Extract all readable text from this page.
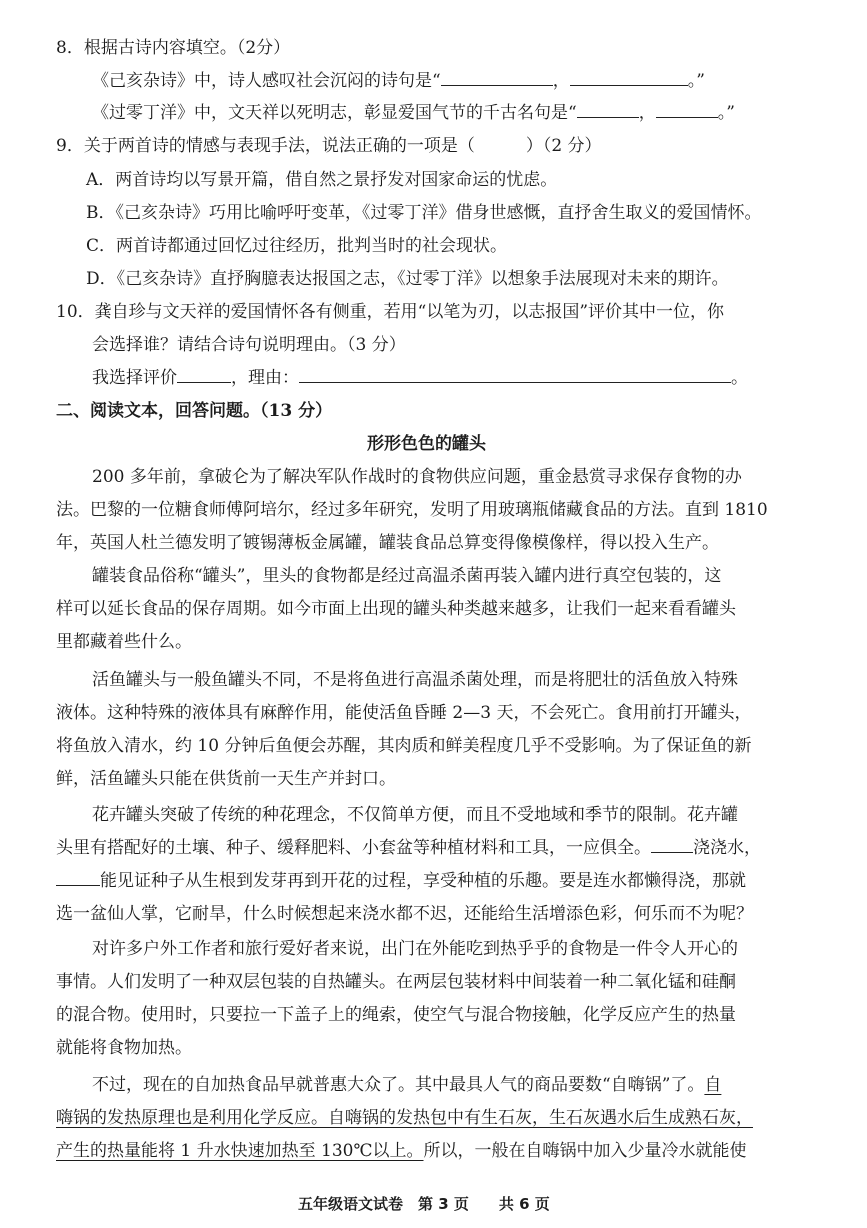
8．根据古诗内容填空。（2分）
《己亥杂诗》中，诗人感叹社会沉闷的诗句是“	，	。”
《过零丁洋》中，文天祥以死明志，彰显爱国气节的千古名句是“	，	。”
9．关于两首诗的情感与表现手法，说法正确的一项是（　　　）（2 分）
A．两首诗均以写景开篇，借自然之景抒发对国家命运的忧虑。
B．《己亥杂诗》巧用比喻呼吁变革，《过零丁洋》借身世感慨，直抒舍生取义的爱国情怀。
C．两首诗都通过回忆过往经历，批判当时的社会现状。
D．《己亥杂诗》直抒胸臆表达报国之志，《过零丁洋》以想象手法展现对未来的期许。
10．龚自珍与文天祥的爱国情怀各有侧重，若用“以笔为刃，以志报国”评价其中一位，你
会选择谁？请结合诗句说明理由。（3 分）
我选择评价	，理由：	。
二、阅读文本，回答问题。（13 分）
形形色色的罐头
200 多年前，拿破仑为了解决军队作战时的食物供应问题，重金悬赏寻求保存食物的办
法。巴黎的一位糖食师傅阿培尔，经过多年研究，发明了用玻璃瓶储藏食品的方法。直到 1810
年，英国人杜兰德发明了镀锡薄板金属罐，罐装食品总算变得像模像样，得以投入生产。
罐装食品俗称“罐头”，里头的食物都是经过高温杀菌再装入罐内进行真空包装的，这
样可以延长食品的保存周期。如今市面上出现的罐头种类越来越多，让我们一起来看看罐头
里都藏着些什么。
活鱼罐头与一般鱼罐头不同，不是将鱼进行高温杀菌处理，而是将肥壮的活鱼放入特殊
液体。这种特殊的液体具有麻醉作用，能使活鱼昏睡 2—3 天，不会死亡。食用前打开罐头，
将鱼放入清水，约 10 分钟后鱼便会苏醒，其肉质和鲜美程度几乎不受影响。为了保证鱼的新
鲜，活鱼罐头只能在供货前一天生产并封口。
花卉罐头突破了传统的种花理念，不仅简单方便，而且不受地域和季节的限制。花卉罐
头里有搭配好的土壤、种子、缓释肥料、小套盆等种植材料和工具，一应俱全。 浇浇水，
能见证种子从生根到发芽再到开花的过程，享受种植的乐趣。要是连水都懒得浇，那就
选一盆仙人掌，它耐旱，什么时候想起来浇水都不迟，还能给生活增添色彩，何乐而不为呢？
对许多户外工作者和旅行爱好者来说，出门在外能吃到热乎乎的食物是一件令人开心的
事情。人们发明了一种双层包装的自热罐头。在两层包装材料中间装着一种二氧化锰和硅酮
的混合物。使用时，只要拉一下盖子上的绳索，使空气与混合物接触，化学反应产生的热量
就能将食物加热。
不过，现在的自加热食品早就普惠大众了。其中最具人气的商品要数“自嗨锅”了。自
嗨锅的发热原理也是利用化学反应。自嗨锅的发热包中有生石灰，生石灰遇水后生成熟石灰，
产生的热量能将 1 升水快速加热至 130℃以上。所以，一般在自嗨锅中加入少量冷水就能使
五年级语文试卷　第 3 页　　共 6 页
